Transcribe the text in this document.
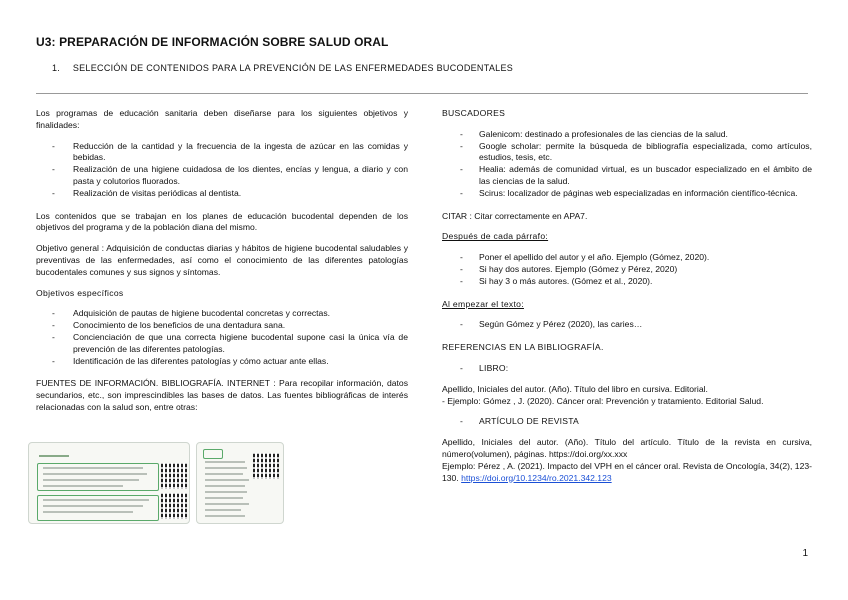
U3: PREPARACIÓN DE INFORMACIÓN SOBRE SALUD ORAL
1. SELECCIÓN DE CONTENIDOS PARA LA PREVENCIÓN DE LAS ENFERMEDADES BUCODENTALES

Los programas de educación sanitaria deben diseñarse para los siguientes objetivos y finalidades:

- Reducción de la cantidad y la frecuencia de la ingesta de azúcar en las comidas y bebidas.
- Realización de una higiene cuidadosa de los dientes, encías y lengua, a diario y con pasta y colutorios fluorados.
- Realización de visitas periódicas al dentista.

Los contenidos que se trabajan en los planes de educación bucodental dependen de los objetivos del programa y de la población diana del mismo.

Objetivo general : Adquisición de conductas diarias y hábitos de higiene bucodental saludables y preventivas de las enfermedades, así como el conocimiento de las diferentes patologías bucodentales comunes y sus signos y síntomas.

Objetivos específicos
- Adquisición de pautas de higiene bucodental concretas y correctas.
- Conocimiento de los beneficios de una dentadura sana.
- Concienciación de que una correcta higiene bucodental supone casi la única vía de prevención de las diferentes patologías.
- Identificación de las diferentes patologías y cómo actuar ante ellas.

FUENTES DE INFORMACIÓN. BIBLIOGRAFÍA. INTERNET : Para recopilar información, datos secundarios, etc., son imprescindibles las bases de datos. Las fuentes bibliográficas de interés relacionadas con la salud son, entre otras:

BUSCADORES
- Galenicom: destinado a profesionales de las ciencias de la salud.
- Google scholar: permite la búsqueda de bibliografía especializada, como artículos, estudios, tesis, etc.
- Healia: además de comunidad virtual, es un buscador especializado en el ámbito de las ciencias de la salud.
- Scirus: localizador de páginas web especializadas en información científico-técnica.

CITAR : Citar correctamente en APA7.

Después de cada párrafo:
- Poner el apellido del autor y el año. Ejemplo (Gómez, 2020).
- Si hay dos autores. Ejemplo (Gómez y Pérez, 2020)
- Si hay 3 o más autores. (Gómez et al., 2020).
Al empezar el texto:
- Según Gómez y Pérez (2020), las caries…
REFERENCIAS EN LA BIBLIOGRAFÍA.
- LIBRO:
Apellido, Iniciales del autor. (Año). Título del libro en cursiva. Editorial.

- Ejemplo: Gómez , J. (2020). Cáncer oral: Prevención y tratamiento. Editorial Salud.

- ARTÍCULO DE REVISTA
Apellido, Iniciales del autor. (Año). Título del artículo. Título de la revista en cursiva, número(volumen), páginas. https://doi.org/xx.xxx
Ejemplo: Pérez , A. (2021). Impacto del VPH en el cáncer oral. Revista de Oncología, 34(2), 123-130. https://doi.org/10.1234/ro.2021.342.123
1
